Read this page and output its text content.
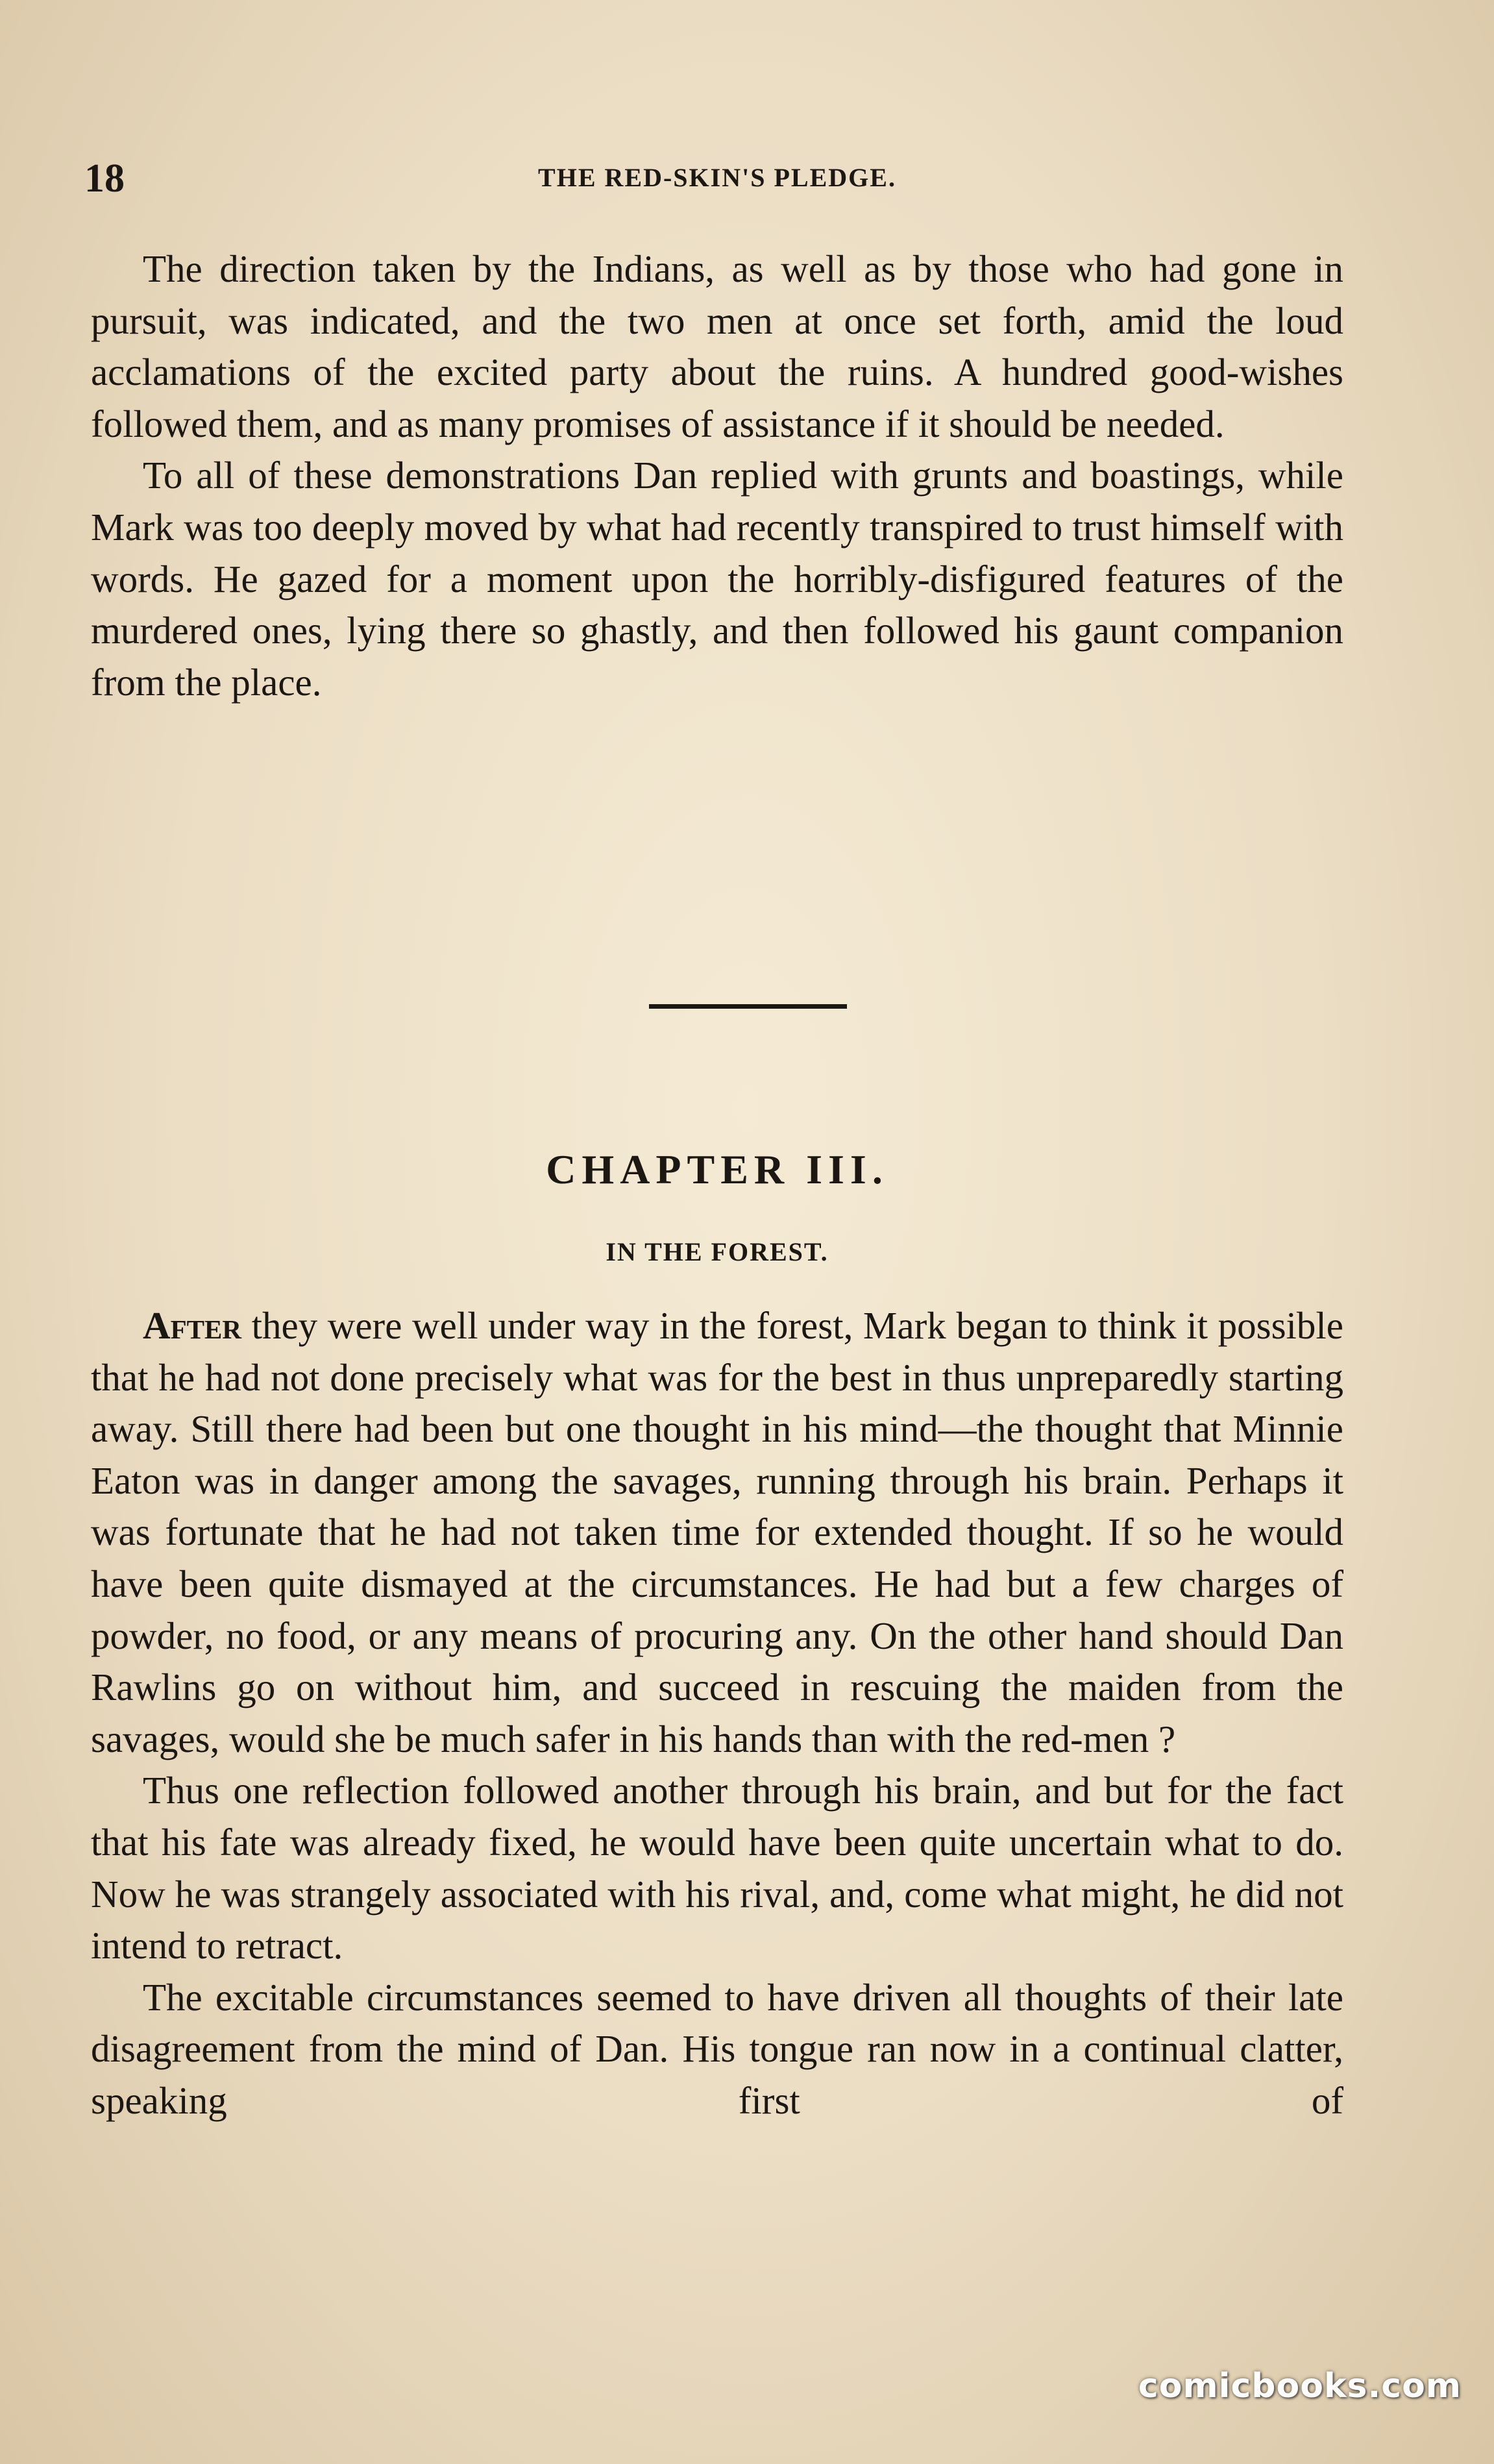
18	THE RED-SKIN'S PLEDGE.

The direction taken by the Indians, as well as by those who had gone in pursuit, was indicated, and the two men at once set forth, amid the loud acclamations of the excited party about the ruins. A hundred good-wishes followed them, and as many promises of assistance if it should be needed.

To all of these demonstrations Dan replied with grunts and boastings, while Mark was too deeply moved by what had recently transpired to trust himself with words. He gazed for a moment upon the horribly-disfigured features of the murdered ones, lying there so ghastly, and then followed his gaunt companion from the place.

CHAPTER III.
IN THE FOREST.

After they were well under way in the forest, Mark began to think it possible that he had not done precisely what was for the best in thus unpreparedly starting away. Still there had been but one thought in his mind—the thought that Minnie Eaton was in danger among the savages, running through his brain. Perhaps it was fortunate that he had not taken time for extended thought. If so he would have been quite dismayed at the circumstances. He had but a few charges of powder, no food, or any means of procuring any. On the other hand should Dan Rawlins go on without him, and succeed in rescuing the maiden from the savages, would she be much safer in his hands than with the red-men ?

Thus one reflection followed another through his brain, and but for the fact that his fate was already fixed, he would have been quite uncertain what to do. Now he was strangely associated with his rival, and, come what might, he did not intend to retract.

The excitable circumstances seemed to have driven all thoughts of their late disagreement from the mind of Dan. His tongue ran now in a continual clatter, speaking first of

comicbooks.com
